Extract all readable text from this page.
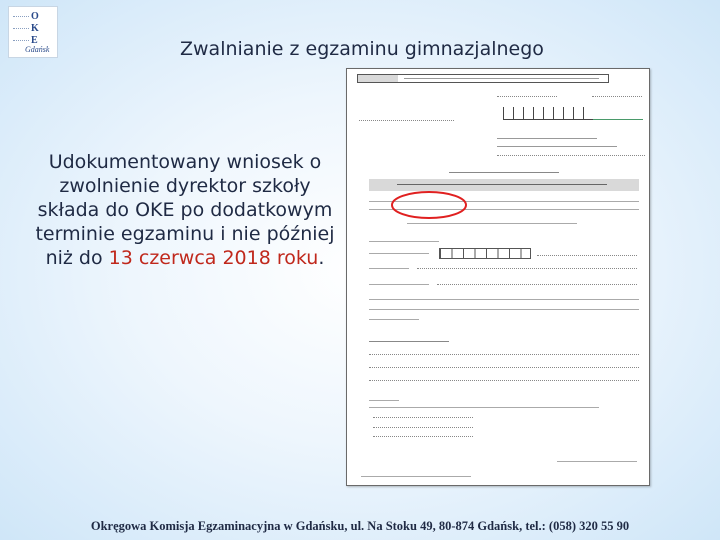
O
K
E
Gdańsk	Zwalnianie z egzaminu gimnazjalnego
Udokumentowany wniosek o zwolnienie dyrektor szkoły składa do OKE po dodatkowym terminie egzaminu i nie później niż do 13 czerwca 2018 roku.
Okręgowa Komisja Egzaminacyjna w Gdańsku, ul. Na Stoku 49, 80-874 Gdańsk, tel.: (058) 320 55 90
